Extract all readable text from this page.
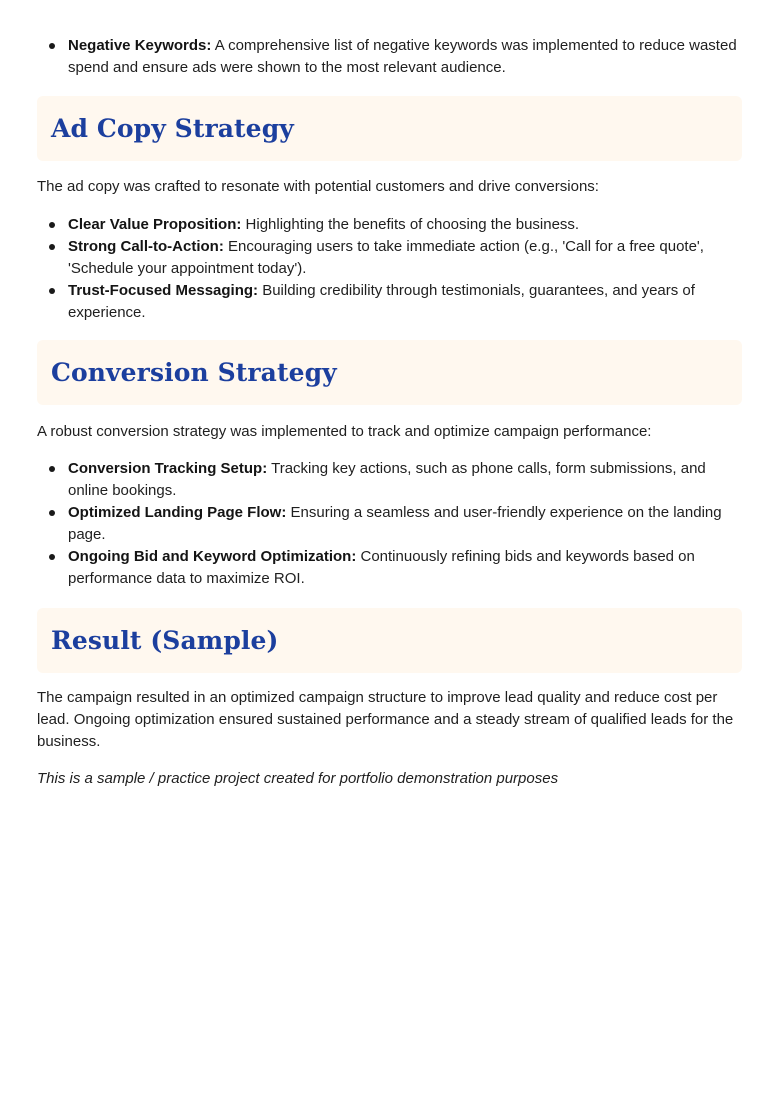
Negative Keywords: A comprehensive list of negative keywords was implemented to reduce wasted spend and ensure ads were shown to the most relevant audience.
Ad Copy Strategy

The ad copy was crafted to resonate with potential customers and drive conversions:

Clear Value Proposition: Highlighting the benefits of choosing the business.
Strong Call-to-Action: Encouraging users to take immediate action (e.g., 'Call for a free quote', 'Schedule your appointment today').
Trust-Focused Messaging: Building credibility through testimonials, guarantees, and years of experience.
Conversion Strategy

A robust conversion strategy was implemented to track and optimize campaign performance:

Conversion Tracking Setup: Tracking key actions, such as phone calls, form submissions, and online bookings.
Optimized Landing Page Flow: Ensuring a seamless and user-friendly experience on the landing page.
Ongoing Bid and Keyword Optimization: Continuously refining bids and keywords based on performance data to maximize ROI.
Result (Sample)

The campaign resulted in an optimized campaign structure to improve lead quality and reduce cost per lead. Ongoing optimization ensured sustained performance and a steady stream of qualified leads for the business.

This is a sample / practice project created for portfolio demonstration purposes
